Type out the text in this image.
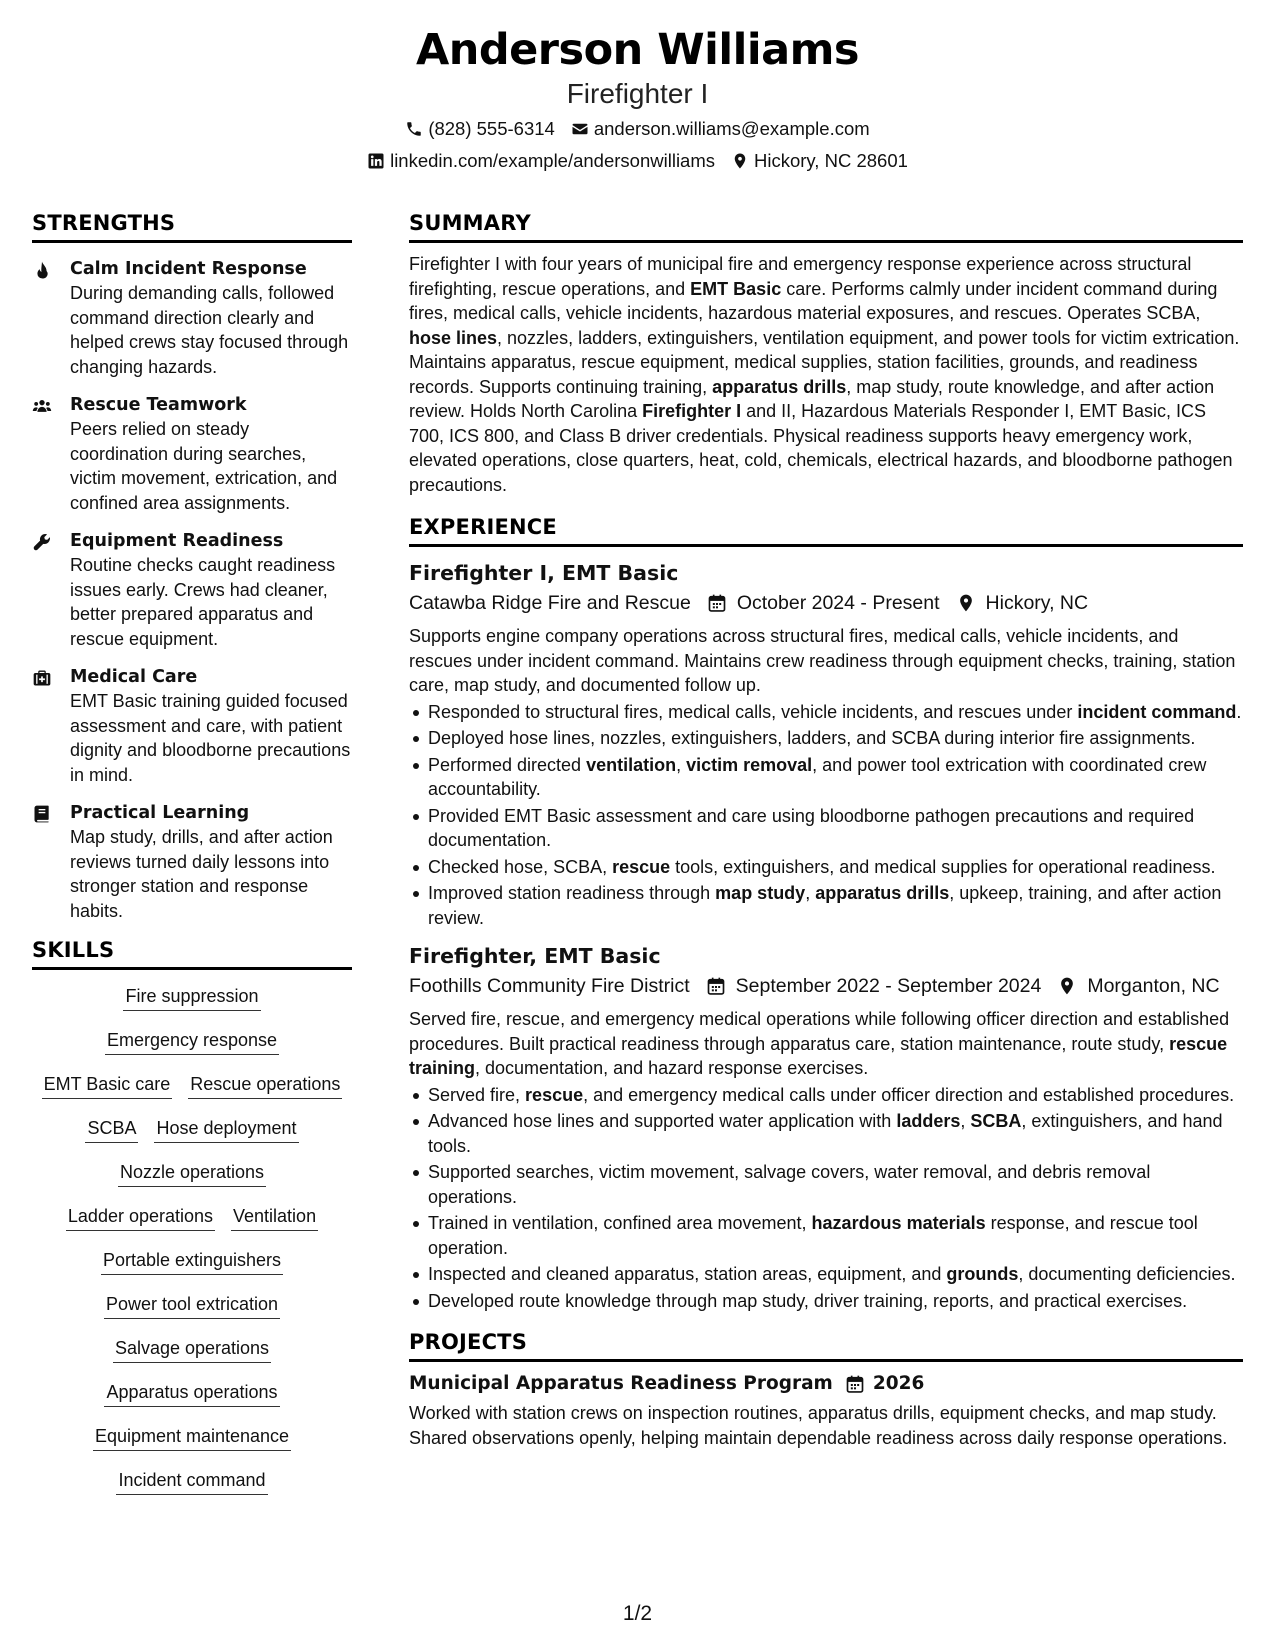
Anderson Williams
Firefighter I
(828) 555-6314 anderson.williams@example.com
linkedin.com/example/andersonwilliams Hickory, NC 28601
STRENGTHS
Calm Incident Response
During demanding calls, followed command direction clearly and helped crews stay focused through changing hazards.
Rescue Teamwork
Peers relied on steady coordination during searches, victim movement, extrication, and confined area assignments.
Equipment Readiness
Routine checks caught readiness issues early. Crews had cleaner, better prepared apparatus and rescue equipment.
Medical Care
EMT Basic training guided focused assessment and care, with patient dignity and bloodborne precautions in mind.
Practical Learning
Map study, drills, and after action reviews turned daily lessons into stronger station and response habits.
SKILLS
Fire suppression
Emergency response
EMT Basic care Rescue operations
SCBA Hose deployment
Nozzle operations
Ladder operations Ventilation
Portable extinguishers
Power tool extrication
Salvage operations
Apparatus operations
Equipment maintenance
Incident command
SUMMARY
Firefighter I with four years of municipal fire and emergency response experience across structural firefighting, rescue operations, and EMT Basic care. Performs calmly under incident command during fires, medical calls, vehicle incidents, hazardous material exposures, and rescues. Operates SCBA, hose lines, nozzles, ladders, extinguishers, ventilation equipment, and power tools for victim extrication. Maintains apparatus, rescue equipment, medical supplies, station facilities, grounds, and readiness records. Supports continuing training, apparatus drills, map study, route knowledge, and after action review. Holds North Carolina Firefighter I and II, Hazardous Materials Responder I, EMT Basic, ICS 700, ICS 800, and Class B driver credentials. Physical readiness supports heavy emergency work, elevated operations, close quarters, heat, cold, chemicals, electrical hazards, and bloodborne pathogen precautions.
EXPERIENCE
Firefighter I, EMT Basic
Catawba Ridge Fire and Rescue October 2024 - Present Hickory, NC
Supports engine company operations across structural fires, medical calls, vehicle incidents, and rescues under incident command. Maintains crew readiness through equipment checks, training, station care, map study, and documented follow up.
Responded to structural fires, medical calls, vehicle incidents, and rescues under incident command.
Deployed hose lines, nozzles, extinguishers, ladders, and SCBA during interior fire assignments.
Performed directed ventilation, victim removal, and power tool extrication with coordinated crew accountability.
Provided EMT Basic assessment and care using bloodborne pathogen precautions and required documentation.
Checked hose, SCBA, rescue tools, extinguishers, and medical supplies for operational readiness.
Improved station readiness through map study, apparatus drills, upkeep, training, and after action review.
Firefighter, EMT Basic
Foothills Community Fire District September 2022 - September 2024 Morganton, NC
Served fire, rescue, and emergency medical operations while following officer direction and established procedures. Built practical readiness through apparatus care, station maintenance, route study, rescue training, documentation, and hazard response exercises.
Served fire, rescue, and emergency medical calls under officer direction and established procedures.
Advanced hose lines and supported water application with ladders, SCBA, extinguishers, and hand tools.
Supported searches, victim movement, salvage covers, water removal, and debris removal operations.
Trained in ventilation, confined area movement, hazardous materials response, and rescue tool operation.
Inspected and cleaned apparatus, station areas, equipment, and grounds, documenting deficiencies.
Developed route knowledge through map study, driver training, reports, and practical exercises.
PROJECTS
Municipal Apparatus Readiness Program 2026
Worked with station crews on inspection routines, apparatus drills, equipment checks, and map study. Shared observations openly, helping maintain dependable readiness across daily response operations.
1/2
